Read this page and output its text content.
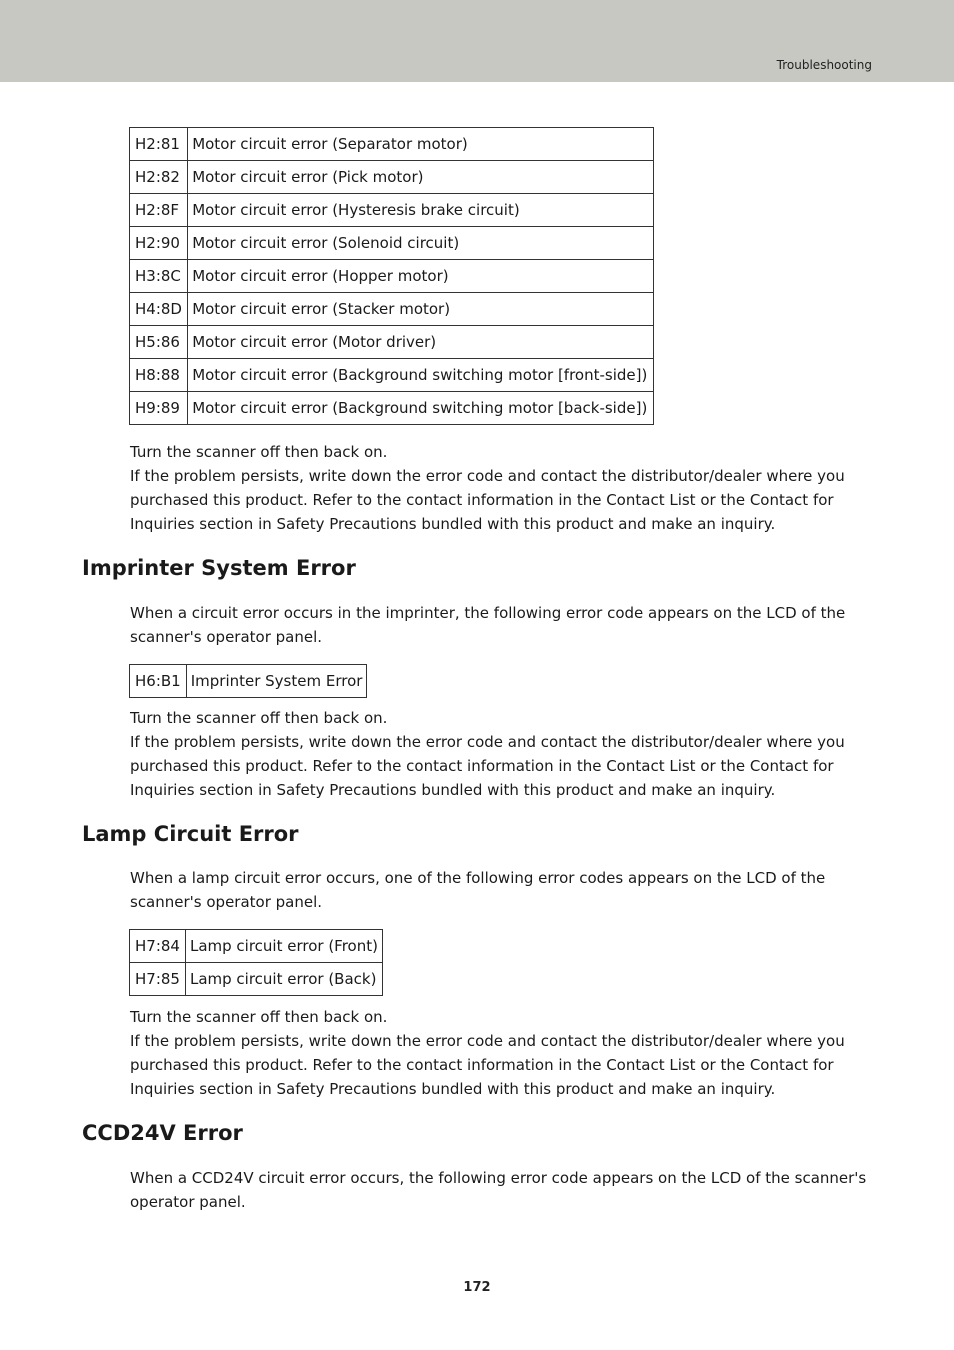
Troubleshooting
H2:81	Motor circuit error (Separator motor)
H2:82	Motor circuit error (Pick motor)
H2:8F	Motor circuit error (Hysteresis brake circuit)
H2:90	Motor circuit error (Solenoid circuit)
H3:8C	Motor circuit error (Hopper motor)
H4:8D	Motor circuit error (Stacker motor)
H5:86	Motor circuit error (Motor driver)
H8:88	Motor circuit error (Background switching motor [front-side])
H9:89	Motor circuit error (Background switching motor [back-side])

Turn the scanner off then back on.

If the problem persists, write down the error code and contact the distributor/dealer where you purchased this product. Refer to the contact information in the Contact List or the Contact for Inquiries section in Safety Precautions bundled with this product and make an inquiry.

Imprinter System Error

When a circuit error occurs in the imprinter, the following error code appears on the LCD of the scanner's operator panel.

H6:B1	Imprinter System Error

Turn the scanner off then back on.

If the problem persists, write down the error code and contact the distributor/dealer where you purchased this product. Refer to the contact information in the Contact List or the Contact for Inquiries section in Safety Precautions bundled with this product and make an inquiry.

Lamp Circuit Error

When a lamp circuit error occurs, one of the following error codes appears on the LCD of the scanner's operator panel.

H7:84	Lamp circuit error (Front)
H7:85	Lamp circuit error (Back)

Turn the scanner off then back on.

If the problem persists, write down the error code and contact the distributor/dealer where you purchased this product. Refer to the contact information in the Contact List or the Contact for Inquiries section in Safety Precautions bundled with this product and make an inquiry.

CCD24V Error

When a CCD24V circuit error occurs, the following error code appears on the LCD of the scanner's operator panel.

172
